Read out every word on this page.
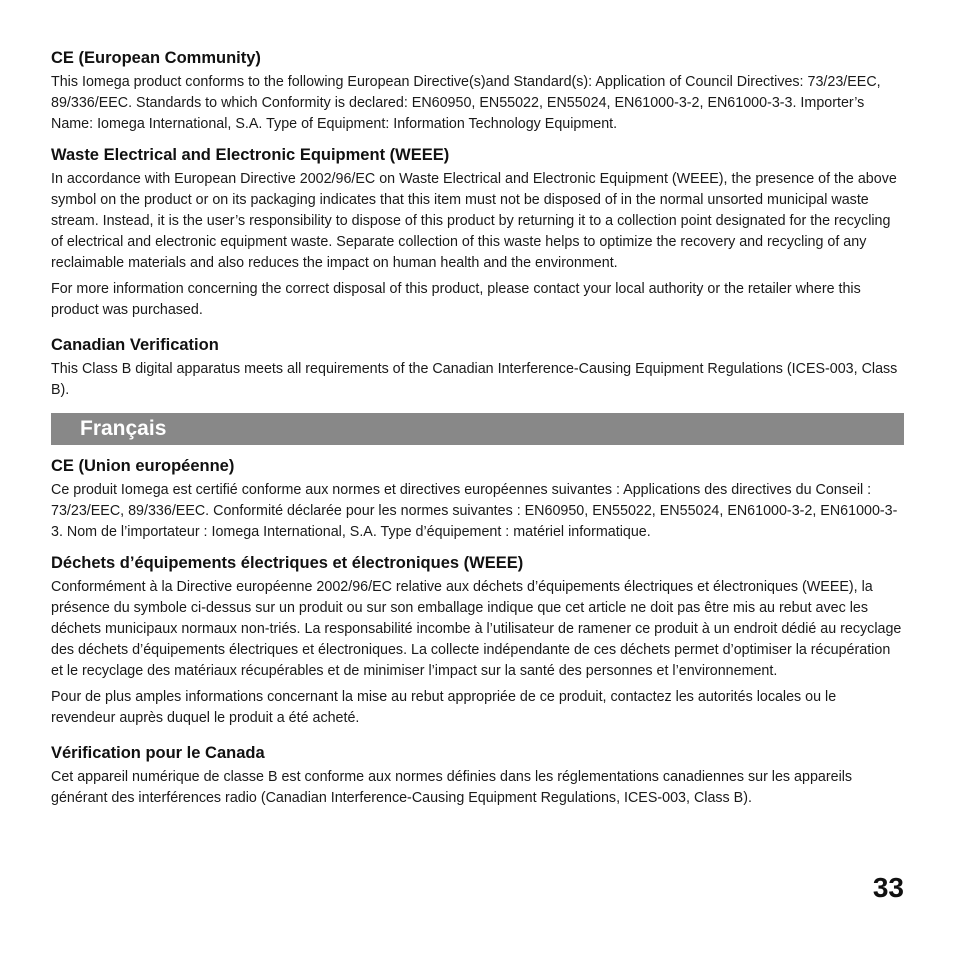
CE (European Community)

This Iomega product conforms to the following European Directive(s)and Standard(s): Application of Council Directives: 73/23/EEC, 89/336/EEC. Standards to which Conformity is declared: EN60950, EN55022, EN55024, EN61000-3-2, EN61000-3-3. Importer’s Name: Iomega International, S.A. Type of Equipment: Information Technology Equipment.

Waste Electrical and Electronic Equipment (WEEE)

In accordance with European Directive 2002/96/EC on Waste Electrical and Electronic Equipment (WEEE), the presence of the above symbol on the product or on its packaging indicates that this item must not be disposed of in the normal unsorted municipal waste stream. Instead, it is the user’s responsibility to dispose of this product by returning it to a collection point designated for the recycling of electrical and electronic equipment waste. Separate collection of this waste helps to optimize the recovery and recycling of any reclaimable materials and also reduces the impact on human health and the environment.

For more information concerning the correct disposal of this product, please contact your local authority or the retailer where this product was purchased.

Canadian Verification

This Class B digital apparatus meets all requirements of the Canadian Interference-Causing Equipment Regulations (ICES-003, Class B).

Français
CE (Union européenne)

Ce produit Iomega est certifié conforme aux normes et directives européennes suivantes : Applications des directives du Conseil : 73/23/EEC, 89/336/EEC. Conformité déclarée pour les normes suivantes : EN60950, EN55022, EN55024, EN61000-3-2, EN61000-3-3. Nom de l’importateur : Iomega International, S.A. Type d’équipement : matériel informatique.

Déchets d’équipements électriques et électroniques (WEEE)

Conformément à la Directive européenne 2002/96/EC relative aux déchets d’équipements électriques et électroniques (WEEE), la présence du symbole ci-dessus sur un produit ou sur son emballage indique que cet article ne doit pas être mis au rebut avec les déchets municipaux normaux non-triés. La responsabilité incombe à l’utilisateur de ramener ce produit à un endroit dédié au recyclage des déchets d’équipements électriques et électroniques. La collecte indépendante de ces déchets permet d’optimiser la récupération et le recyclage des matériaux récupérables et de minimiser l’impact sur la santé des personnes et l’environnement.

Pour de plus amples informations concernant la mise au rebut appropriée de ce produit, contactez les autorités locales ou le revendeur auprès duquel le produit a été acheté.

Vérification pour le Canada

Cet appareil numérique de classe B est conforme aux normes définies dans les réglementations canadiennes sur les appareils générant des interférences radio (Canadian Interference-Causing Equipment Regulations, ICES-003, Class B).

33
